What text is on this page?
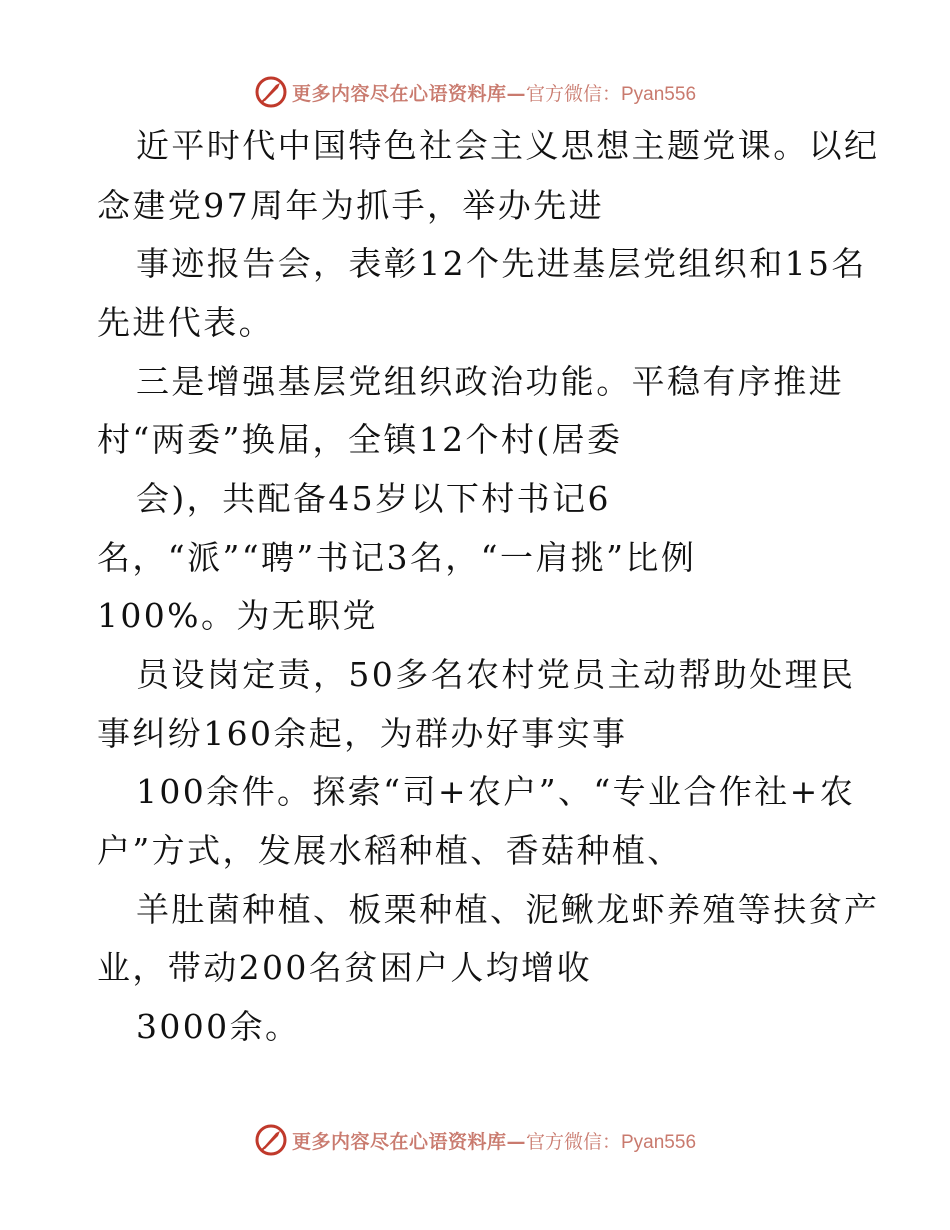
更多内容尽在心语资料库— 官方微信：Pyan556
近平时代中国特色社会主义思想主题党课。以纪
念建党97周年为抓手，举办先进
事迹报告会，表彰12个先进基层党组织和15名
先进代表。
三是增强基层党组织政治功能。平稳有序推进
村“两委”换届，全镇12个村(居委
会)，共配备45岁以下村书记6
名，“派”“聘”书记3名，“一肩挑”比例
100%。为无职党
员设岗定责，50多名农村党员主动帮助处理民
事纠纷160余起，为群办好事实事
100余件。探索“司+农户”、“专业合作社+农
户”方式，发展水稻种植、香菇种植、
羊肚菌种植、板栗种植、泥鳅龙虾养殖等扶贫产
业，带动200名贫困户人均增收
3000余。
更多内容尽在心语资料库— 官方微信：Pyan556
